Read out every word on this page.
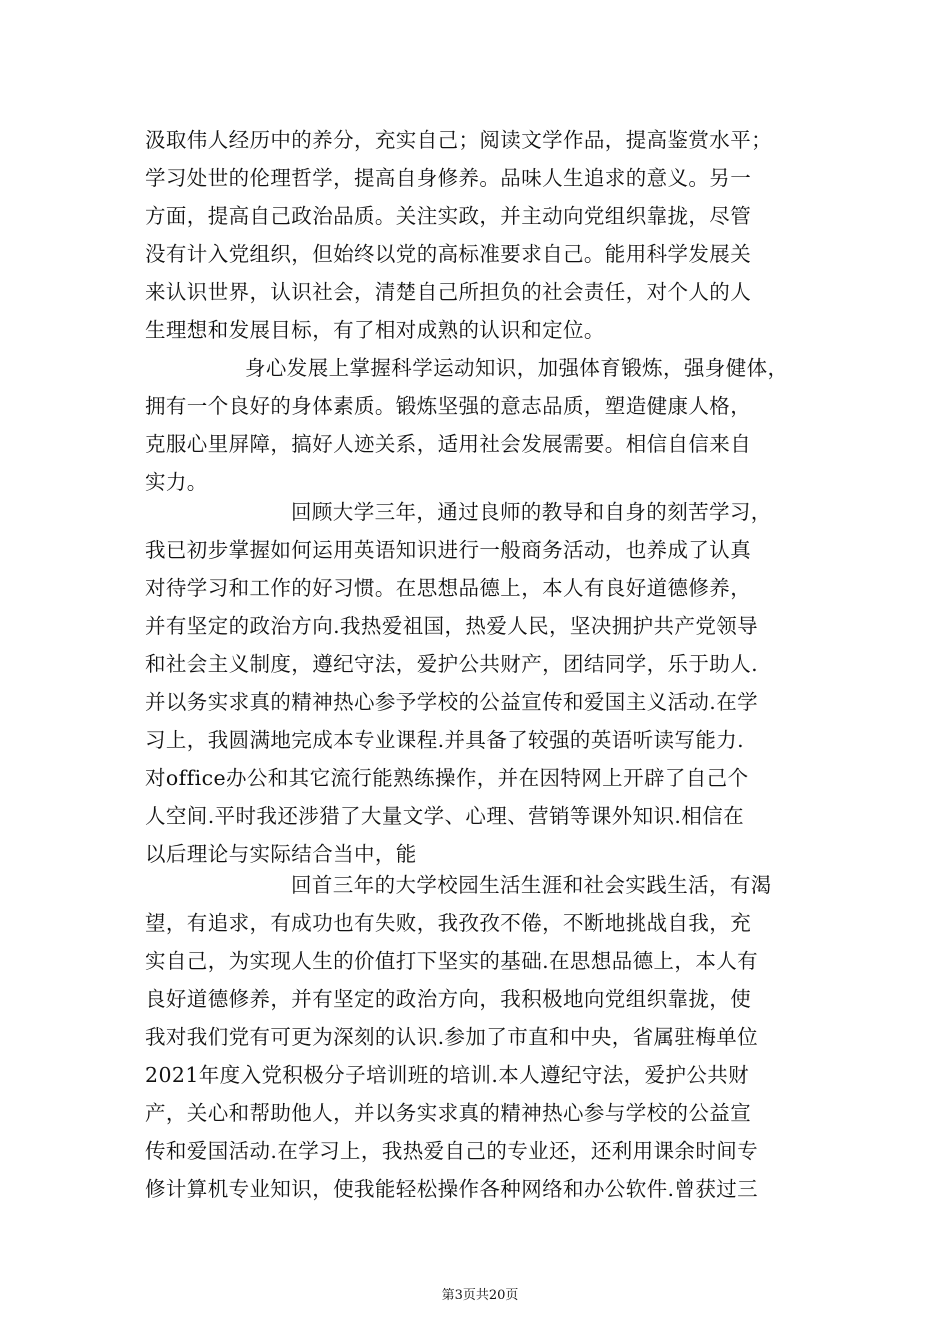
汲取伟人经历中的养分，充实自己；阅读文学作品，提高鉴赏水平；
学习处世的伦理哲学，提高自身修养。品味人生追求的意义。另一
方面，提高自己政治品质。关注实政，并主动向党组织靠拢，尽管
没有计入党组织，但始终以党的高标准要求自己。能用科学发展关
来认识世界，认识社会，清楚自己所担负的社会责任，对个人的人
生理想和发展目标，有了相对成熟的认识和定位。
身心发展上掌握科学运动知识，加强体育锻炼，强身健体，
拥有一个良好的身体素质。锻炼坚强的意志品质，塑造健康人格，
克服心里屏障，搞好人迹关系，适用社会发展需要。相信自信来自
实力。
回顾大学三年，通过良师的教导和自身的刻苦学习，
我已初步掌握如何运用英语知识进行一般商务活动，也养成了认真
对待学习和工作的好习惯。在思想品德上，本人有良好道德修养，
并有坚定的政治方向.我热爱祖国，热爱人民，坚决拥护共产党领导
和社会主义制度，遵纪守法，爱护公共财产，团结同学，乐于助人.
并以务实求真的精神热心参予学校的公益宣传和爱国主义活动.在学
习上，我圆满地完成本专业课程.并具备了较强的英语听读写能力.
对office办公和其它流行能熟练操作，并在因特网上开辟了自己个
人空间.平时我还涉猎了大量文学、心理、营销等课外知识.相信在
以后理论与实际结合当中，能
回首三年的大学校园生活生涯和社会实践生活，有渴
望，有追求，有成功也有失败，我孜孜不倦，不断地挑战自我，充
实自己，为实现人生的价值打下坚实的基础.在思想品德上，本人有
良好道德修养，并有坚定的政治方向，我积极地向党组织靠拢，使
我对我们党有可更为深刻的认识.参加了市直和中央，省属驻梅单位
2021年度入党积极分子培训班的培训.本人遵纪守法，爱护公共财
产，关心和帮助他人，并以务实求真的精神热心参与学校的公益宣
传和爱国活动.在学习上，我热爱自己的专业还，还利用课余时间专
修计算机专业知识，使我能轻松操作各种网络和办公软件.曾获过三
第3页共20页
